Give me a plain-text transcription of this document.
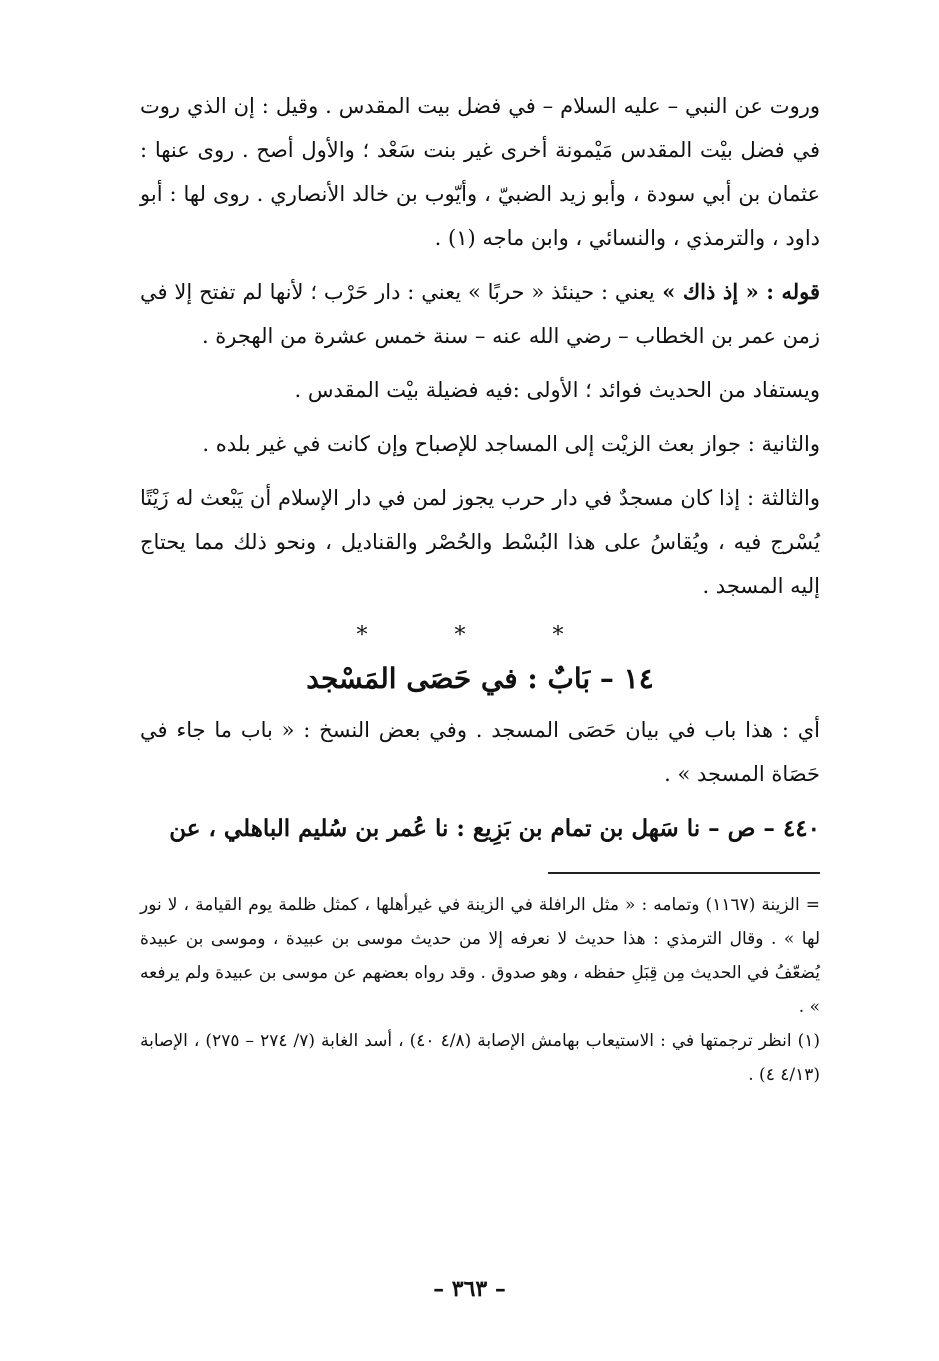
وروت عن النبي – عليه السلام – في فضل بيت المقدس . وقيل : إن الذي روت في فضل بيْت المقدس مَيْمونة أخرى غير بنت سَعْد ؛ والأول أصح . روى عنها : عثمان بن أبي سودة ، وأبو زيد الضبيّ ، وأيّوب بن خالد الأنصاري . روى لها : أبو داود ، والترمذي ، والنسائي ، وابن ماجه (١) .

قوله : « إذ ذاك » يعني : حينئذ « حربًا » يعني : دار حَرْب ؛ لأنها لم تفتح إلا في زمن عمر بن الخطاب – رضي الله عنه – سنة خمس عشرة من الهجرة .

ويستفاد من الحديث فوائد ؛ الأولى :فيه فضيلة بيْت المقدس .

والثانية : جواز بعث الزيْت إلى المساجد للإصباح وإن كانت في غير بلده .

والثالثة : إذا كان مسجدٌ في دار حرب يجوز لمن في دار الإسلام أن يَبْعث له زَيْتًا يُسْرج فيه ، ويُقاسُ على هذا البُسْط والحُصْر والقناديل ، ونحو ذلك مما يحتاج إليه المسجد .

* * *
١٤ – بَابٌ : في حَصَى المَسْجد

أي : هذا باب في بيان حَصَى المسجد . وفي بعض النسخ : « باب ما جاء في حَصَاة المسجد » .

٤٤٠ – ص – نا سَهل بن تمام بن بَزِيع : نا عُمر بن سُليم الباهلي ، عن

= الزينة (١١٦٧) وتمامه : « مثل الرافلة في الزينة في غيرأهلها ، كمثل ظلمة يوم القيامة ، لا نور لها » . وقال الترمذي : هذا حديث لا نعرفه إلا من حديث موسى بن عبيدة ، وموسى بن عبيدة يُضعّفُ في الحديث مِن قِبَلِ حفظه ، وهو صدوق . وقد رواه بعضهم عن موسى بن عبيدة ولم يرفعه » .

(١) انظر ترجمتها في : الاستيعاب بهامش الإصابة (٤/٨ ٤٠) ، أسد الغابة (٧/ ٢٧٤ – ٢٧٥) ، الإصابة (٤/١٣ ٤) .

– ٣٦٣ –
